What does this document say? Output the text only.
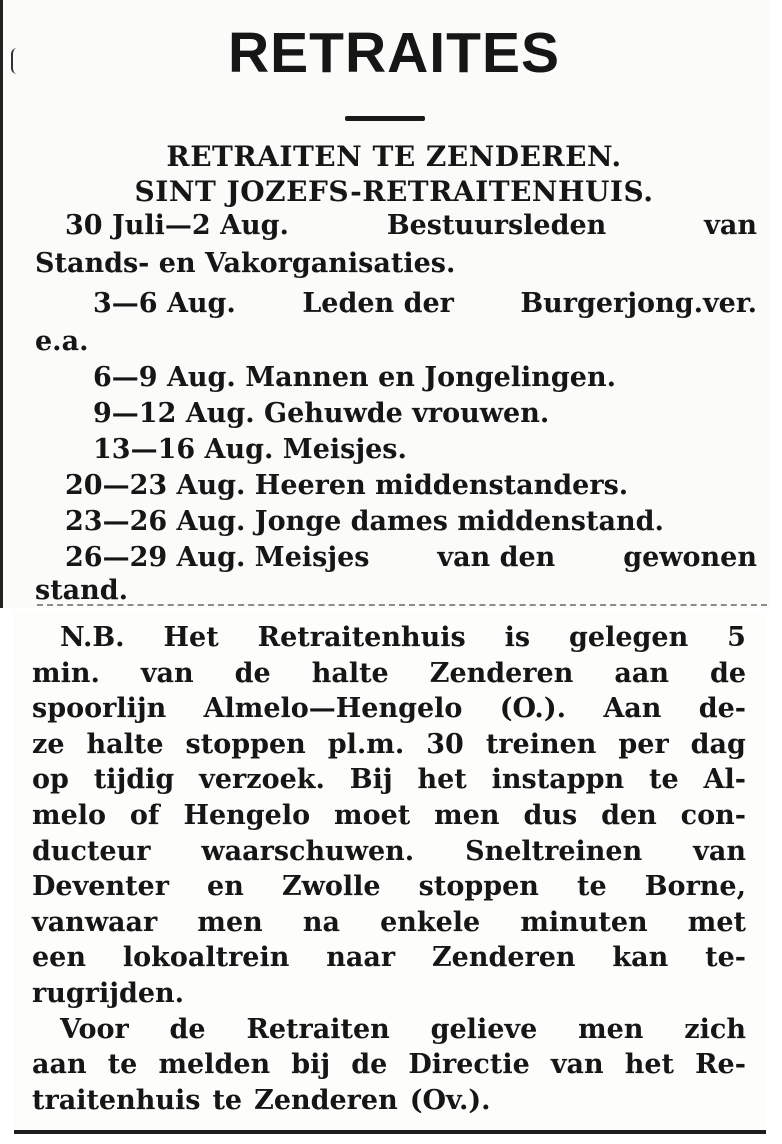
RETRAITES
RETRAITEN TE ZENDEREN.
SINT JOZEFS-RETRAITENHUIS.
30 Juli—2 Aug.	Bestuursleden	van
Stands- en Vakorganisaties.
3—6 Aug. Leden der Burgerjong.ver.
e.a.
6—9 Aug. Mannen en Jongelingen.
9—12 Aug. Gehuwde vrouwen.
13—16 Aug. Meisjes.
20—23 Aug. Heeren middenstanders.
23—26 Aug. Jonge dames middenstand.
26—29 Aug. Meisjes	van den	gewonen
stand.
N.B. Het Retraitenhuis is gelegen 5
min. van de halte Zenderen aan de
spoorlijn Almelo—Hengelo (O.). Aan de-
ze halte stoppen pl.m. 30 treinen per dag
op tijdig verzoek. Bij het instappn te Al-
melo of Hengelo moet men dus den con-
ducteur waarschuwen. Sneltreinen van
Deventer en Zwolle stoppen te Borne,
vanwaar men na enkele minuten met
een lokoaltrein naar Zenderen kan te-
rugrijden.
Voor de Retraiten gelieve men zich
aan te melden bij de Directie van het Re-
traitenhuis te Zenderen (Ov.).
